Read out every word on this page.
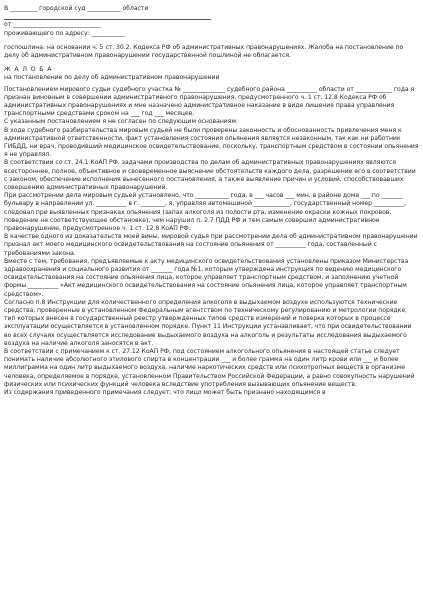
В _________ городской суд ___________ области

от _____________________________

проживающего по адресу: ___________

госпошлина: на основании ч. 5 ст. 30.2. Кодекса РФ об административных правонарушениях. Жалоба на постановление по делу об административном правонарушении государственной пошлиной не облагается.

Ж А Л О Б А

на постановление по делу об административном правонарушении

Постановлением мирового судьи судебного участка № ______________ судебного района __________ области от ____________ года я признан виновным в совершении административного правонарушения, предусмотренного ч. 1 ст. 12.8 Кодекса РФ об административных правонарушениях и мне назначено административное наказание в виде лишения права управления транспортными средствами сроком на ___ год ___ месяцев.

С указанным постановлением я не согласен по следующим основаниям:

В ходе судебного разбирательства мировым судьей не были проверены законность и обоснованность привлечения меня к административной ответственности, факт установления состояния опьянения является незаконным, так как ни работник ГИБДД, ни врач, проводивший медицинское освидетельствование, поскольку, транспортным средством в состоянии опьянения я не управлял.

В соответствии со ст. 24.1 КоАП РФ, задачами производства по делам об административных правонарушениях являются всестороннее, полное, объективное и своевременное выяснение обстоятельств каждого дела, разрешение его в соответствии с законом, обеспечение исполнения вынесенного постановления, а также выявление причин и условий, способствовавших совершению административных правонарушений.

При рассмотрении дела мировым судьей установлено, что ___________ года, в ___ часов ___ мин. в районе дома ___ по _______ бульвару в направлении ул. __________ в г. ________, я, управляя автомашиной ____________, государственный номер __________, следовал при выявленных признаках опьянения (запах алкоголя из полости рта, изменение окраски кожных покровов, поведение не соответствующее обстановке), чем нарушил п. 2.7 ПДД РФ и тем самым совершил административное правонарушение, предусмотренное ч. 1 ст. 12.8 КоАП РФ.

В качестве одного из доказательств моей вины, мировой судья при рассмотрении дела об административном правонарушении признал акт моего медицинского освидетельствования на состояние опьянения от __________ года, составленный с требованиями закона.

Вместе с тем, требования, предъявляемые к акту медицинского освидетельствования установлены приказом Министерства здравоохранения и социального развития от _______ года №1, которым утверждена инструкция по ведению медицинского освидетельствования на состояние опьянения лица, которое управляет транспортным средством, и заполнению учетной формы __________ «Акт медицинского освидетельствования на состояние опьянения лица, которое управляет транспортным средством».

Согласно п.8 Инструкции для количественного определения алкоголя в выдыхаемом воздухе используются технические средства, проверенные в установленном Федеральным агентством по техническому регулированию и метрологии порядке, тип которых внесен в государственный реестр утвержденных типов средств измерений и поверка которых в процессе эксплуатации осуществляется в установленном порядке. Пункт 11 Инструкции устанавливает, что при освидетельствовании во всех случаях осуществляется исследование выдыхаемого воздуха на алкоголь и результаты исследования выдыхаемого воздуха на наличие алкоголя заносятся в акт.

В соответствии с примечанием к ст. 27.12 КоАП РФ, под состоянием алкогольного опьянения в настоящей статье следует понимать наличие абсолютного этилового спирта в концентрации ___ и более грамма на один литр крови или ___ и более миллиграмма на один литр выдыхаемого воздуха, наличие наркотических средств или психотропных веществ в организме человека, определяемое в порядке, установленном Правительством Российской Федерации, а равно совокупность нарушений физических или психических функций человека вследствие употребления вызывающих опьянение веществ.

Из содержания приведенного примечания следует, что лицо может быть признано находящимся в
